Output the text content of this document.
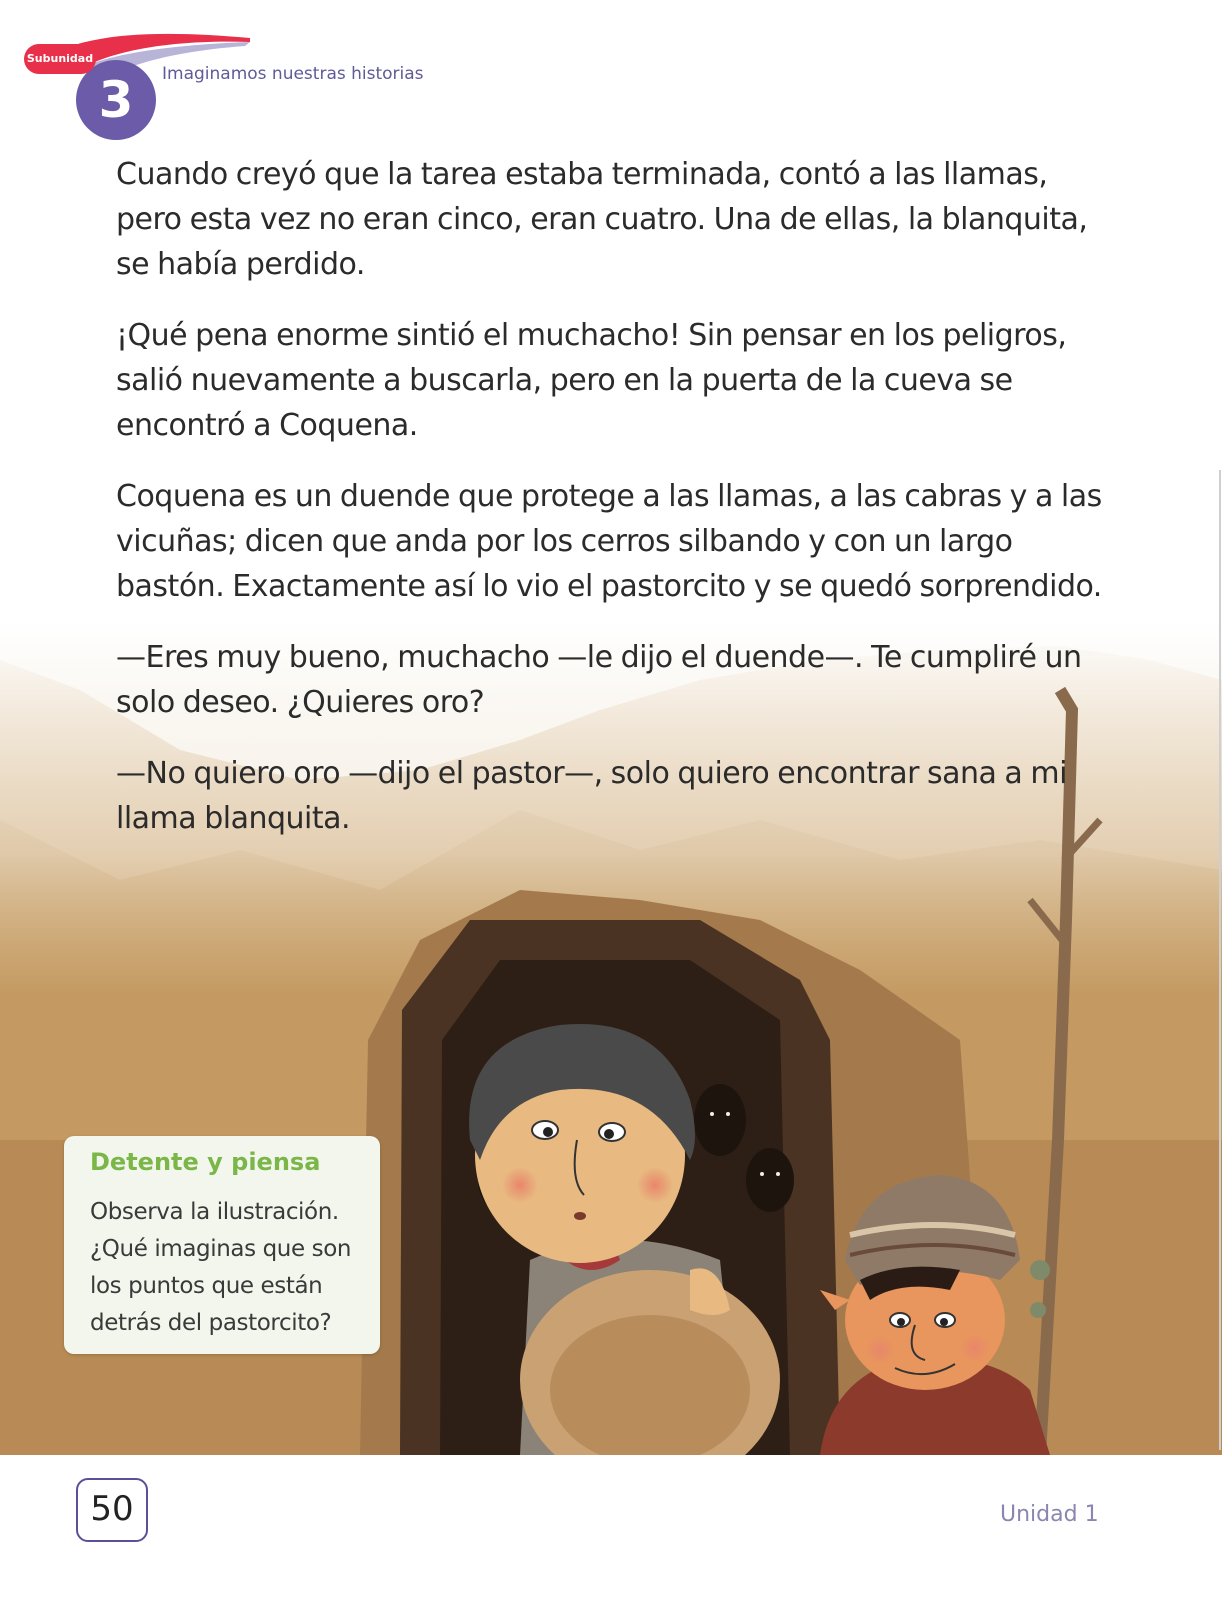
3
Subunidad
Imaginamos nuestras historias

Cuando creyó que la tarea estaba terminada, contó a las llamas, pero esta vez no eran cinco, eran cuatro. Una de ellas, la blanquita, se había perdido.

¡Qué pena enorme sintió el muchacho! Sin pensar en los peligros, salió nuevamente a buscarla, pero en la puerta de la cueva se encontró a Coquena.

Coquena es un duende que protege a las llamas, a las cabras y a las vicuñas; dicen que anda por los cerros silbando y con un largo bastón. Exactamente así lo vio el pastorcito y se quedó sorprendido.

—Eres muy bueno, muchacho —le dijo el duende—. Te cumpliré un solo deseo. ¿Quieres oro?

—No quiero oro —dijo el pastor—, solo quiero encontrar sana a mi llama blanquita.

Detente y piensa
Observa la ilustración. ¿Qué imaginas que son los puntos que están detrás del pastorcito?
50	Unidad 1
